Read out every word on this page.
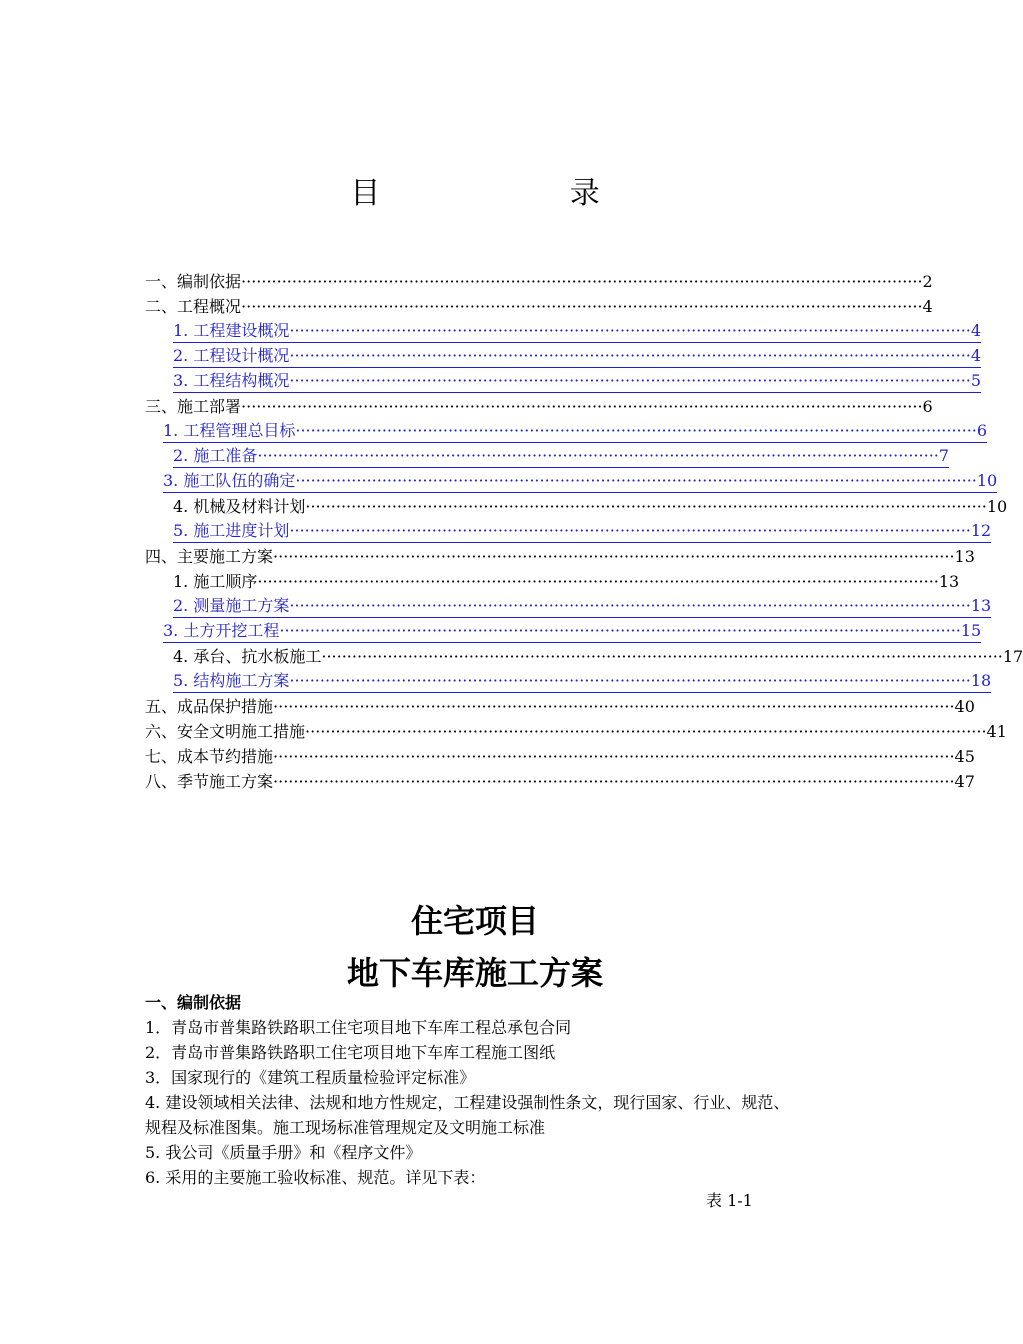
目 录
一、编制依据 ·····	2
二、工程概况 ·····	4
1. 工程建设概况 ·····	4
2. 工程设计概况 ·····	4
3. 工程结构概况 ·····	5
三、施工部署 ·····	6
1. 工程管理总目标 ·····	6
2. 施工准备 ·····	7
3. 施工队伍的确定 ·····	10
4. 机械及材料计划 ·····	10
5. 施工进度计划 ·····	12
四、主要施工方案 ·····	13
1. 施工顺序 ·····	13
2. 测量施工方案 ·····	13
3. 土方开挖工程 ·····	15
4. 承台、抗水板施工 ·····	17
5. 结构施工方案 ·····	18
五、成品保护措施 ·····	40
六、安全文明施工措施 ·····	41
七、成本节约措施 ·····	45
八、季节施工方案 ·····	47
住宅项目
地下车库施工方案
一、编制依据
1．青岛市普集路铁路职工住宅项目地下车库工程总承包合同
2．青岛市普集路铁路职工住宅项目地下车库工程施工图纸
3．国家现行的《建筑工程质量检验评定标准》
4. 建设领域相关法律、法规和地方性规定，工程建设强制性条文，现行国家、行业、规范、规程及标准图集。施工现场标准管理规定及文明施工标准
5. 我公司《质量手册》和《程序文件》
6. 采用的主要施工验收标准、规范。详见下表：
表 1-1
